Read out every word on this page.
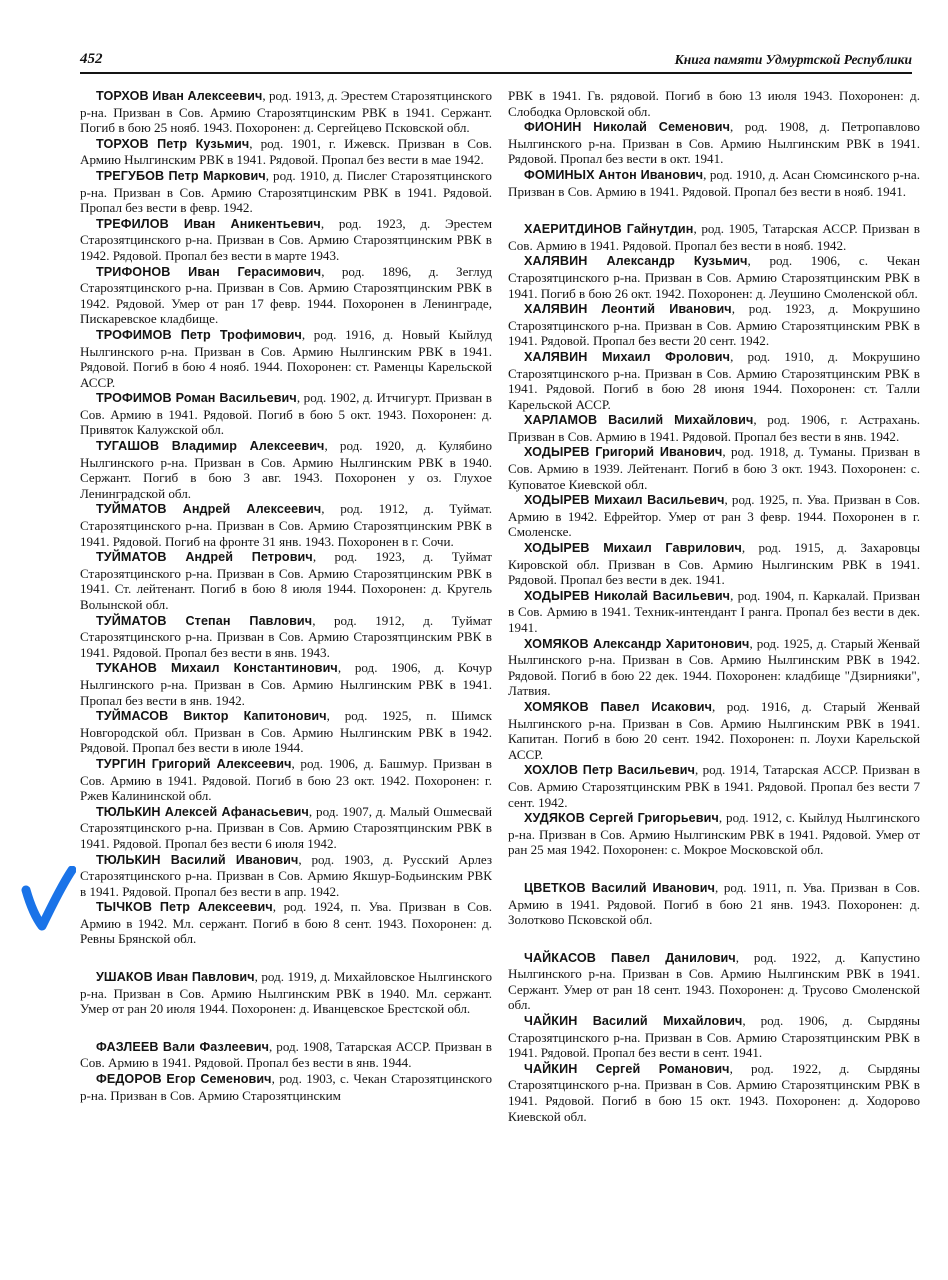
452	Книга памяти Удмуртской Республики

ТОРХОВ Иван Алексеевич, род. 1913, д. Эрестем Старозятцинского р-на. Призван в Сов. Армию Старозятцинским РВК в 1941. Сержант. Погиб в бою 25 нояб. 1943. Похоронен: д. Сергейцево Псковской обл.

ТОРХОВ Петр Кузьмич, род. 1901, г. Ижевск. Призван в Сов. Армию Нылгинским РВК в 1941. Рядовой. Пропал без вести в мае 1942.

ТРЕГУБОВ Петр Маркович, род. 1910, д. Пислег Старозятцинского р-на. Призван в Сов. Армию Старозятцинским РВК в 1941. Рядовой. Пропал без вести в февр. 1942.

ТРЕФИЛОВ Иван Аникентьевич, род. 1923, д. Эрестем Старозятцинского р-на. Призван в Сов. Армию Старозятцинским РВК в 1942. Рядовой. Пропал без вести в марте 1943.

ТРИФОНОВ Иван Герасимович, род. 1896, д. Зеглуд Старозятцинского р-на. Призван в Сов. Армию Старозятцинским РВК в 1942. Рядовой. Умер от ран 17 февр. 1944. Похоронен в Ленинграде, Пискаревское кладбище.

ТРОФИМОВ Петр Трофимович, род. 1916, д. Новый Кыйлуд Нылгинского р-на. Призван в Сов. Армию Нылгинским РВК в 1941. Рядовой. Погиб в бою 4 нояб. 1944. Похоронен: ст. Раменцы Карельской АССР.

ТРОФИМОВ Роман Васильевич, род. 1902, д. Итчигурт. Призван в Сов. Армию в 1941. Рядовой. Погиб в бою 5 окт. 1943. Похоронен: д. Привяток Калужской обл.

ТУГАШОВ Владимир Алексеевич, род. 1920, д. Кулябино Нылгинского р-на. Призван в Сов. Армию Нылгинским РВК в 1940. Сержант. Погиб в бою 3 авг. 1943. Похоронен у оз. Глухое Ленинградской обл.

ТУЙМАТОВ Андрей Алексеевич, род. 1912, д. Туймат. Старозятцинского р-на. Призван в Сов. Армию Старозятцинским РВК в 1941. Рядовой. Погиб на фронте 31 янв. 1943. Похоронен в г. Сочи.

ТУЙМАТОВ Андрей Петрович, род. 1923, д. Туймат Старозятцинского р-на. Призван в Сов. Армию Старозятцинским РВК в 1941. Ст. лейтенант. Погиб в бою 8 июля 1944. Похоронен: д. Кругель Волынской обл.

ТУЙМАТОВ Степан Павлович, род. 1912, д. Туймат Старозятцинского р-на. Призван в Сов. Армию Старозятцинским РВК в 1941. Рядовой. Пропал без вести в янв. 1943.

ТУКАНОВ Михаил Константинович, род. 1906, д. Кочур Нылгинского р-на. Призван в Сов. Армию Нылгинским РВК в 1941. Пропал без вести в янв. 1942.

ТУЙМАСОВ Виктор Капитонович, род. 1925, п. Шимск Новгородской обл. Призван в Сов. Армию Нылгинским РВК в 1942. Рядовой. Пропал без вести в июле 1944.

ТУРГИН Григорий Алексеевич, род. 1906, д. Башмур. Призван в Сов. Армию в 1941. Рядовой. Погиб в бою 23 окт. 1942. Похоронен: г. Ржев Калининской обл.

ТЮЛЬКИН Алексей Афанасьевич, род. 1907, д. Малый Ошмесвай Старозятцинского р-на. Призван в Сов. Армию Старозятцинским РВК в 1941. Рядовой. Пропал без вести 6 июля 1942.

ТЮЛЬКИН Василий Иванович, род. 1903, д. Русский Арлез Старозятцинского р-на. Призван в Сов. Армию Якшур-Бодьинским РВК в 1941. Рядовой. Пропал без вести в апр. 1942.

ТЫЧКОВ Петр Алексеевич, род. 1924, п. Ува. Призван в Сов. Армию в 1942. Мл. сержант. Погиб в бою 8 сент. 1943. Похоронен: д. Ревны Брянской обл.

УШАКОВ Иван Павлович, род. 1919, д. Михайловское Нылгинского р-на. Призван в Сов. Армию Нылгинским РВК в 1940. Мл. сержант. Умер от ран 20 июля 1944. Похоронен: д. Иванцевское Брестской обл.

ФАЗЛЕЕВ Вали Фазлеевич, род. 1908, Татарская АССР. Призван в Сов. Армию в 1941. Рядовой. Пропал без вести в янв. 1944.

ФЕДОРОВ Егор Семенович, род. 1903, с. Чекан Старозятцинского р-на. Призван в Сов. Армию Старозятцинским

РВК в 1941. Гв. рядовой. Погиб в бою 13 июля 1943. Похоронен: д. Слободка Орловской обл.

ФИОНИН Николай Семенович, род. 1908, д. Петропавлово Нылгинского р-на. Призван в Сов. Армию Нылгинским РВК в 1941. Рядовой. Пропал без вести в окт. 1941.

ФОМИНЫХ Антон Иванович, род. 1910, д. Асан Сюмсинского р-на. Призван в Сов. Армию в 1941. Рядовой. Пропал без вести в нояб. 1941.

ХАЕРИТДИНОВ Гайнутдин, род. 1905, Татарская АССР. Призван в Сов. Армию в 1941. Рядовой. Пропал без вести в нояб. 1942.

ХАЛЯВИН Александр Кузьмич, род. 1906, с. Чекан Старозятцинского р-на. Призван в Сов. Армию Старозятцинским РВК в 1941. Погиб в бою 26 окт. 1942. Похоронен: д. Леушино Смоленской обл.

ХАЛЯВИН Леонтий Иванович, род. 1923, д. Мокрушино Старозятцинского р-на. Призван в Сов. Армию Старозятцинским РВК в 1941. Рядовой. Пропал без вести 20 сент. 1942.

ХАЛЯВИН Михаил Фролович, род. 1910, д. Мокрушино Старозятцинского р-на. Призван в Сов. Армию Старозятцинским РВК в 1941. Рядовой. Погиб в бою 28 июня 1944. Похоронен: ст. Талли Карельской АССР.

ХАРЛАМОВ Василий Михайлович, род. 1906, г. Астрахань. Призван в Сов. Армию в 1941. Рядовой. Пропал без вести в янв. 1942.

ХОДЫРЕВ Григорий Иванович, род. 1918, д. Туманы. Призван в Сов. Армию в 1939. Лейтенант. Погиб в бою 3 окт. 1943. Похоронен: с. Куповатое Киевской обл.

ХОДЫРЕВ Михаил Васильевич, род. 1925, п. Ува. Призван в Сов. Армию в 1942. Ефрейтор. Умер от ран 3 февр. 1944. Похоронен в г. Смоленске.

ХОДЫРЕВ Михаил Гаврилович, род. 1915, д. Захаровцы Кировской обл. Призван в Сов. Армию Нылгинским РВК в 1941. Рядовой. Пропал без вести в дек. 1941.

ХОДЫРЕВ Николай Васильевич, род. 1904, п. Каркалай. Призван в Сов. Армию в 1941. Техник-интендант I ранга. Пропал без вести в дек. 1941.

ХОМЯКОВ Александр Харитонович, род. 1925, д. Старый Женвай Нылгинского р-на. Призван в Сов. Армию Нылгинским РВК в 1942. Рядовой. Погиб в бою 22 дек. 1944. Похоронен: кладбище "Дзирнияки", Латвия.

ХОМЯКОВ Павел Исакович, род. 1916, д. Старый Женвай Нылгинского р-на. Призван в Сов. Армию Нылгинским РВК в 1941. Капитан. Погиб в бою 20 сент. 1942. Похоронен: п. Лоухи Карельской АССР.

ХОХЛОВ Петр Васильевич, род. 1914, Татарская АССР. Призван в Сов. Армию Старозятцинским РВК в 1941. Рядовой. Пропал без вести 7 сент. 1942.

ХУДЯКОВ Сергей Григорьевич, род. 1912, с. Кыйлуд Нылгинского р-на. Призван в Сов. Армию Нылгинским РВК в 1941. Рядовой. Умер от ран 25 мая 1942. Похоронен: с. Мокрое Московской обл.

ЦВЕТКОВ Василий Иванович, род. 1911, п. Ува. Призван в Сов. Армию в 1941. Рядовой. Погиб в бою 21 янв. 1943. Похоронен: д. Золотково Псковской обл.

ЧАЙКАСОВ Павел Данилович, род. 1922, д. Капустино Нылгинского р-на. Призван в Сов. Армию Нылгинским РВК в 1941. Сержант. Умер от ран 18 сент. 1943. Похоронен: д. Трусово Смоленской обл.

ЧАЙКИН Василий Михайлович, род. 1906, д. Сырдяны Старозятцинского р-на. Призван в Сов. Армию Старозятцинским РВК в 1941. Рядовой. Пропал без вести в сент. 1941.

ЧАЙКИН Сергей Романович, род. 1922, д. Сырдяны Старозятцинского р-на. Призван в Сов. Армию Старозятцинским РВК в 1941. Рядовой. Погиб в бою 15 окт. 1943. Похоронен: д. Ходорово Киевской обл.
